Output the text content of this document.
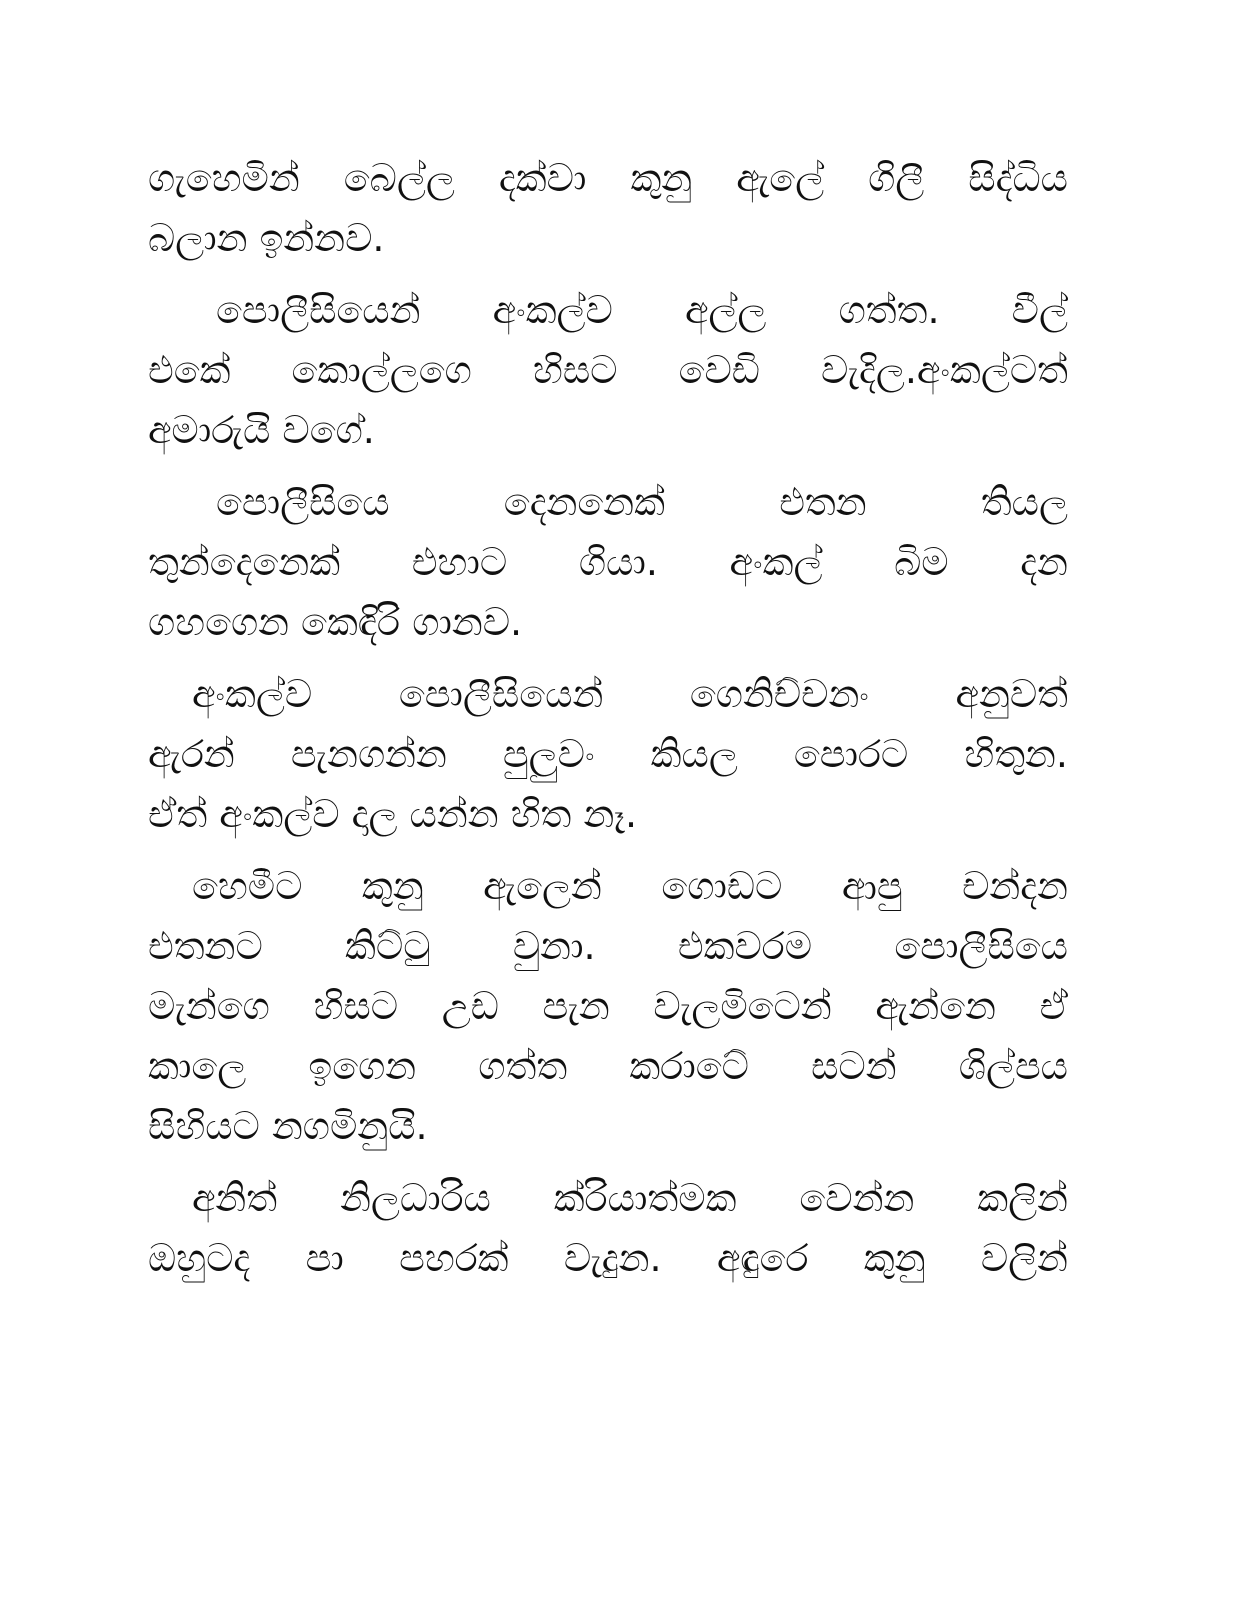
ගැහෙමින් බෙල්ල දක්වා කුනු ඇලේ ගිලී සිද්ධිය
බලාන ඉන්නව.
පොලීසියෙන් අංකල්ව අල්ල ගත්ත. වීල්
එකේ කොල්ලගෙ හිසට වෙඩි වැදිල.අංකල්ටත්
අමාරුයි වගේ.
පොලීසියෙ දෙනනෙක් එතන තියල
තුන්දෙනෙක් එහාට ගියා. අංකල් බිම දන
ගහගෙන කෙඳිරි ගානව.
අංකල්ව පොලීසියෙන් ගෙනිච්චනං අනුවත්
ඇරන් පැනගන්න පුලුවං කියල පොරට හිතුන.
ඒත් අංකල්ව දාල යන්න හිත නෑ.
හෙමීට කුනු ඇලෙන් ගොඩට ආපු චන්දන
එතනට කිට්ටු වුනා. එකවරම පොලීසියෙ
මැන්ගෙ හිසට උඩ පැන වැලමිටෙන් ඇන්නෙ ඒ
කාලෙ ඉගෙන ගත්ත කරාටේ සටන් ශිල්පය
සිහියට නගමිනුයි.
අනිත් නිලධාරිය ක්රියාත්මක වෙන්න කලින්
ඔහුටද පා පහරක් වැදුන. අඳුරෙ කුනු වලින්
